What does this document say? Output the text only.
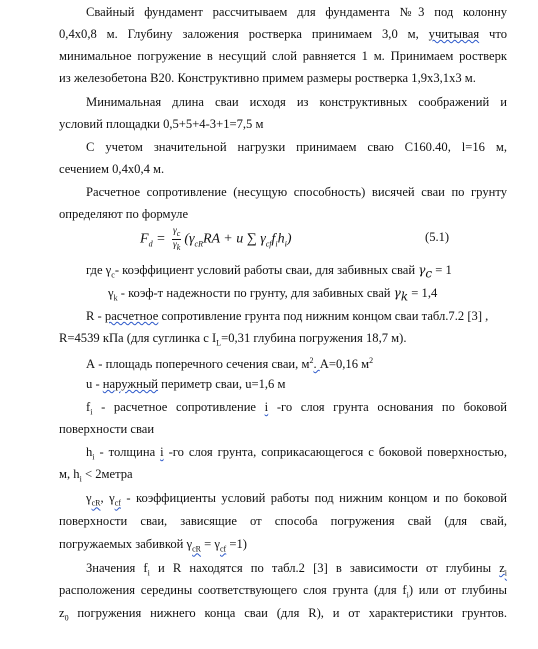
Свайный фундамент рассчитываем для фундамента №3 под колонну
0,4х0,8 м. Глубину заложения ростверка принимаем 3,0 м, учитывая что
минимальное погружение в несущий слой равняется 1 м. Принимаем ростверк
из железобетона В20. Конструктивно примем размеры ростверка 1,9х3,1х3 м.
Минимальная длина сваи исходя из конструктивных соображений и
условий площадки 0,5+5+4-3+1=7,5 м
С учетом значительной нагрузки принимаем сваю С160.40, l=16 м,
сечением 0,4х0,4 м.
Расчетное сопротивление (несущую способность) висячей сваи по грунту
определяют по формуле
$F_d = \frac{\gamma_c}{\gamma_k} (\gamma_{cR}RA + u$ ∑ $\gamma_{cf}f_ih_i$)	(5.1)
где $\gamma_c-$ коэффициент условий работы сваи, для забивных свай $\gamma_c = 1$
$\gamma_k$ - коэф-т надежности по грунту, для забивных свай $\gamma_k = 1,4$
R - расчетное сопротивление грунта под нижним концом сваи табл.7.2 [3] ,
R=4539 кПа (для суглинка с $I_L=0,31$ глубина погружения 18,7 м).
А - площадь поперечного сечения сваи, $м^2$. А=0,16 $м^2$
u - наружный периметр сваи, u=1,6 м
$f_i$ - расчетное сопротивление i -го слоя грунта основания по боковой
поверхности сваи
$h_i$ - толщина i -го слоя грунта, соприкасающегося с боковой поверхностью,
м, $h_i$ < 2метра
$\gamma_{cR}$, $\gamma_{cf}$ - коэффициенты условий работы под нижним концом и по боковой
поверхности сваи, зависящие от способа погружения свай (для свай,
погружаемых забивкой $\gamma_{cR} = \gamma_{cf} =1$)
Значения $f_i$ и R находятся по табл.2 [3] в зависимости от глубины $z_i$
расположения середины соответствующего слоя грунта (для $f_i$) или от глубины
$z_0$ погружения нижнего конца сваи (для R), и от характеристики грунтов.
